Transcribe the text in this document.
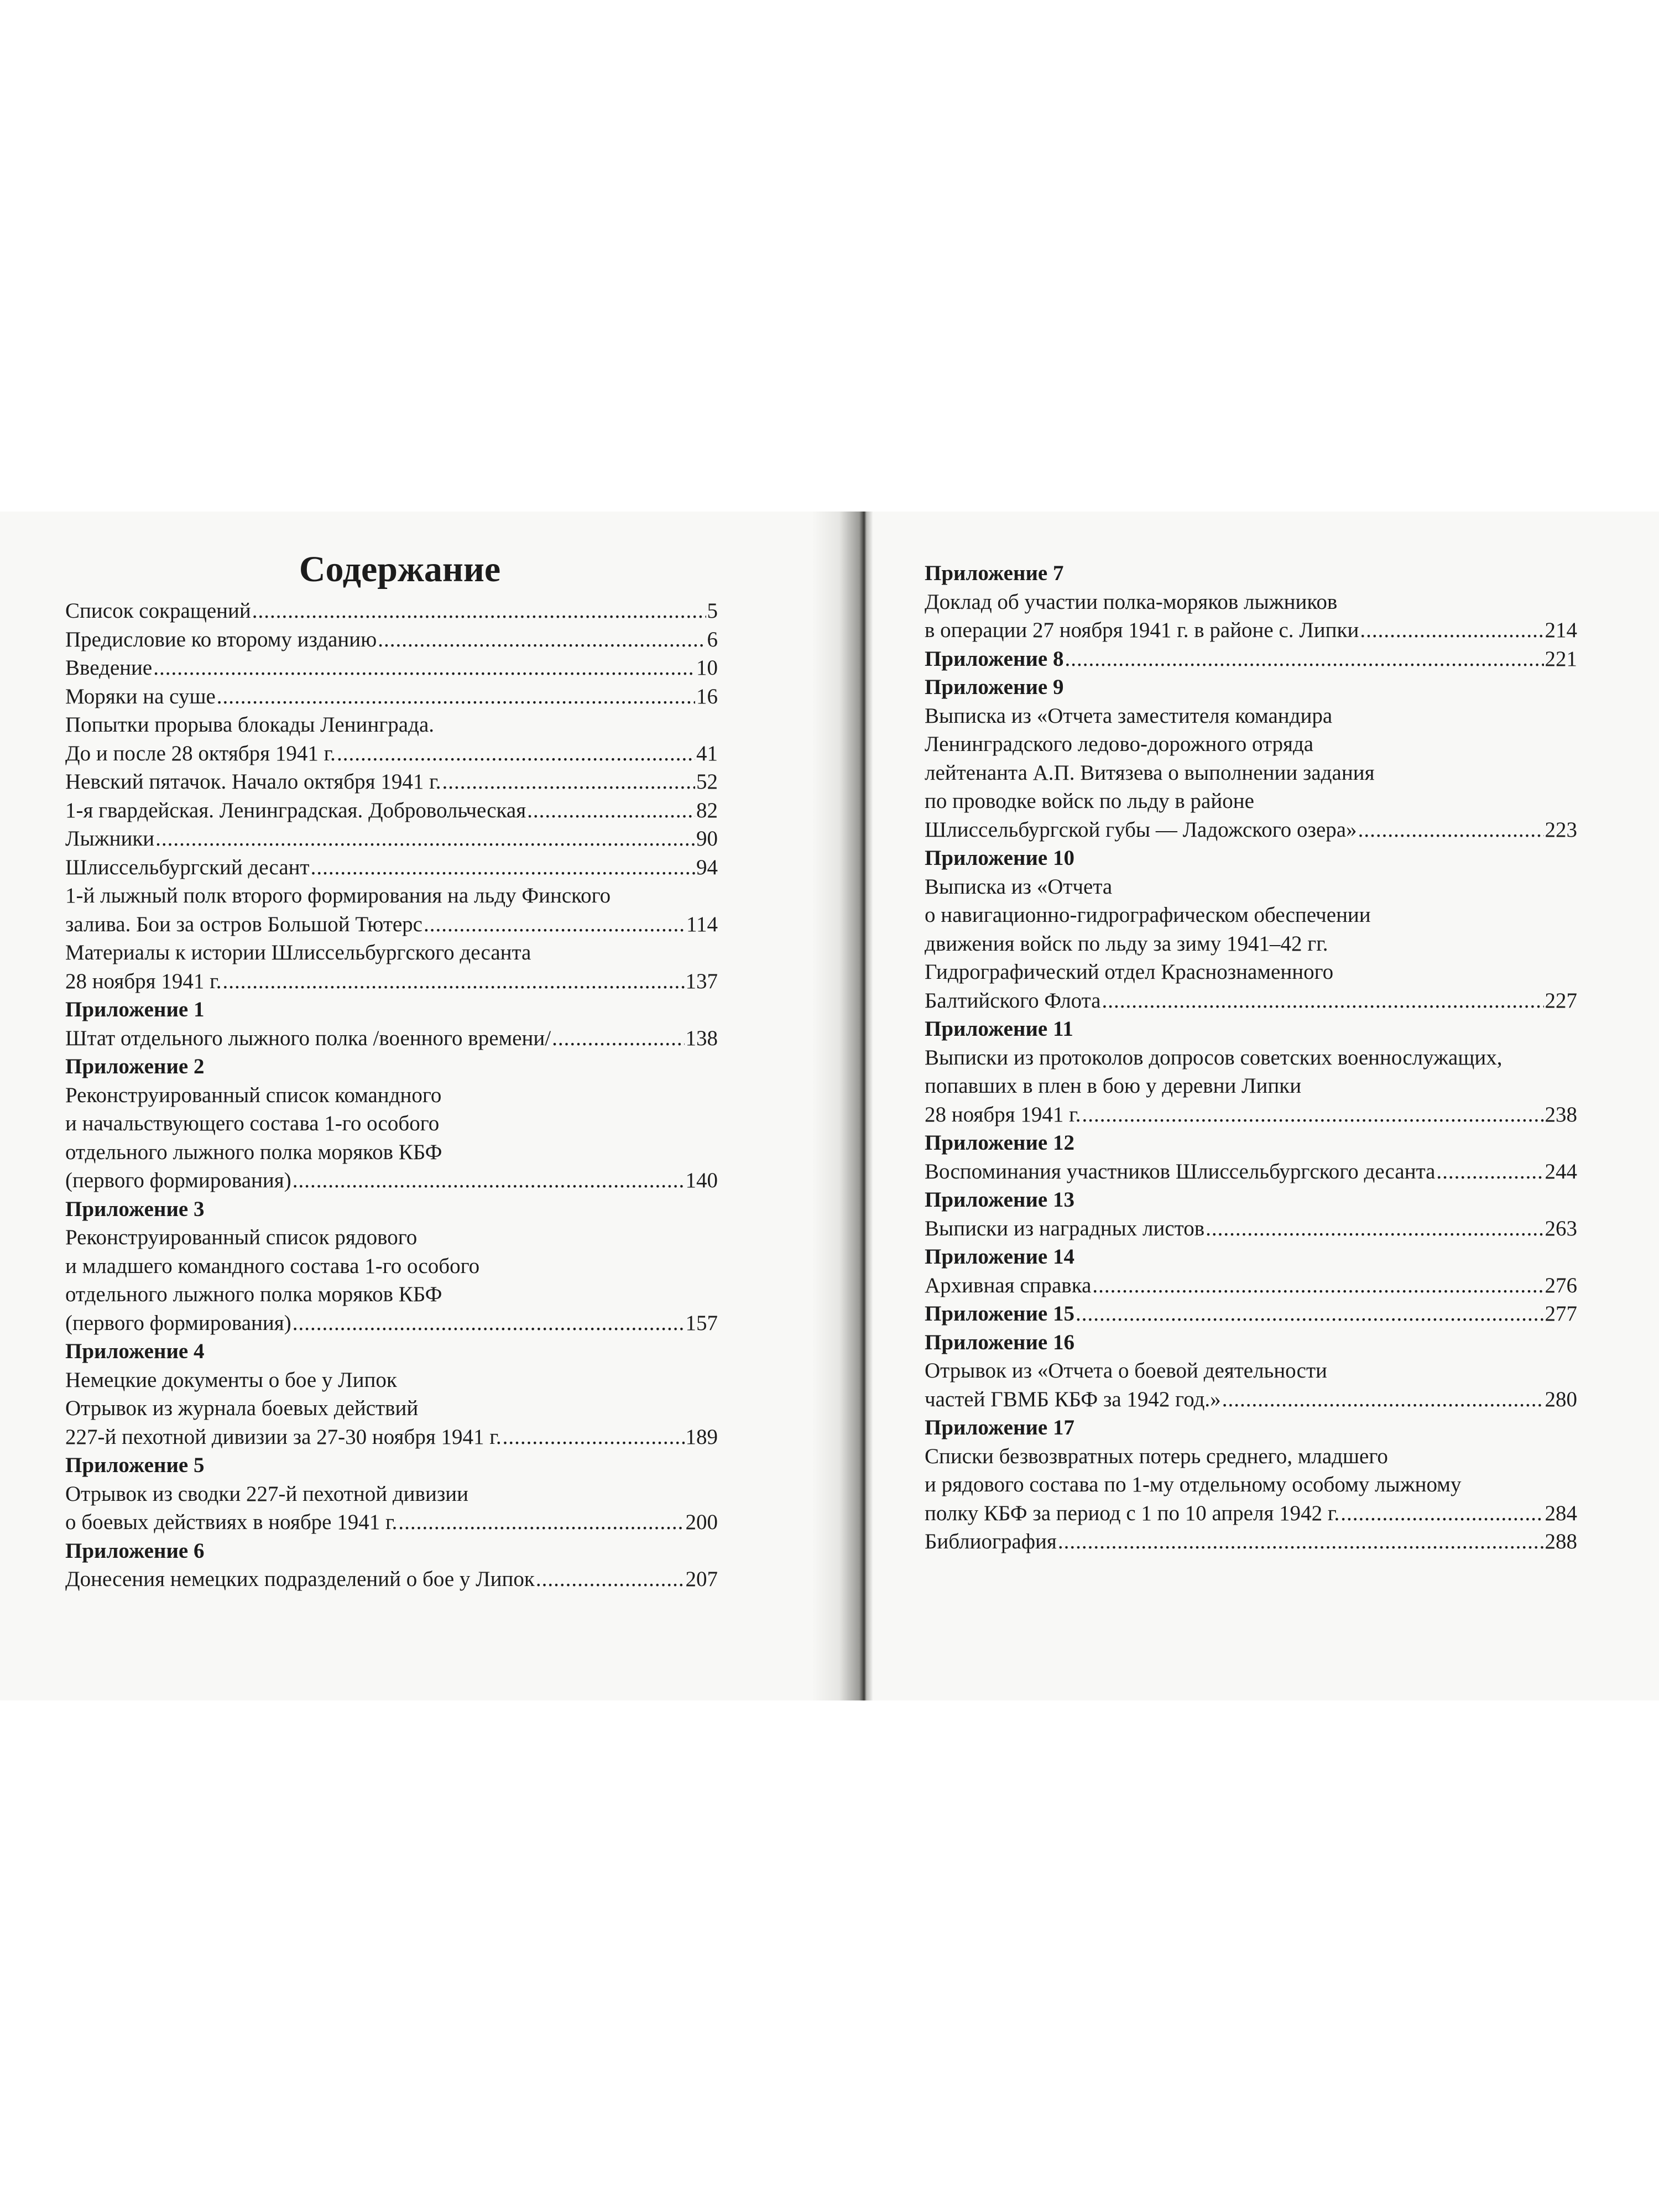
Содержание
Список сокращений .....	5
Предисловие ко второму изданию .....	6
Введение .....	10
Моряки на суше .....	16
Попытки прорыва блокады Ленинграда.
До и после 28 октября 1941 г. .....	41
Невский пятачок. Начало октября 1941 г. .....	52
1-я гвардейская. Ленинградская. Добровольческая .....	82
Лыжники .....	90
Шлиссельбургский десант .....	94
1-й лыжный полк второго формирования на льду Финского
залива. Бои за остров Большой Тютерс .....	114
Материалы к истории Шлиссельбургского десанта
28 ноября 1941 г. .....	137
Приложение 1
Штат отдельного лыжного полка /военного времени/ .....	138
Приложение 2
Реконструированный список командного
и начальствующего состава 1-го особого
отдельного лыжного полка моряков КБФ
(первого формирования) .....	140
Приложение 3
Реконструированный список рядового
и младшего командного состава 1-го особого
отдельного лыжного полка моряков КБФ
(первого формирования) .....	157
Приложение 4
Немецкие документы о бое у Липок
Отрывок из журнала боевых действий
227-й пехотной дивизии за 27-30 ноября 1941 г. .....	189
Приложение 5
Отрывок из сводки 227-й пехотной дивизии
о боевых действиях в ноябре 1941 г. .....	200
Приложение 6
Донесения немецких подразделений о бое у Липок .....	207
Приложение 7
Доклад об участии полка-моряков лыжников
в операции 27 ноября 1941 г. в районе с. Липки .....	214
Приложение 8 .....	221
Приложение 9
Выписка из «Отчета заместителя командира
Ленинградского ледово-дорожного отряда
лейтенанта А.П. Витязева о выполнении задания
по проводке войск по льду в районе
Шлиссельбургской губы — Ладожского озера» .....	223
Приложение 10
Выписка из «Отчета
о навигационно-гидрографическом обеспечении
движения войск по льду за зиму 1941–42 гг.
Гидрографический отдел Краснознаменного
Балтийского Флота .....	227
Приложение 11
Выписки из протоколов допросов советских военнослужащих,
попавших в плен в бою у деревни Липки
28 ноября 1941 г. .....	238
Приложение 12
Воспоминания участников Шлиссельбургского десанта .....	244
Приложение 13
Выписки из наградных листов .....	263
Приложение 14
Архивная справка .....	276
Приложение 15 .....	277
Приложение 16
Отрывок из «Отчета о боевой деятельности
частей ГВМБ КБФ за 1942 год.» .....	280
Приложение 17
Списки безвозвратных потерь среднего, младшего
и рядового состава по 1-му отдельному особому лыжному
полку КБФ за период с 1 по 10 апреля 1942 г. .....	284
Библиография .....	288
